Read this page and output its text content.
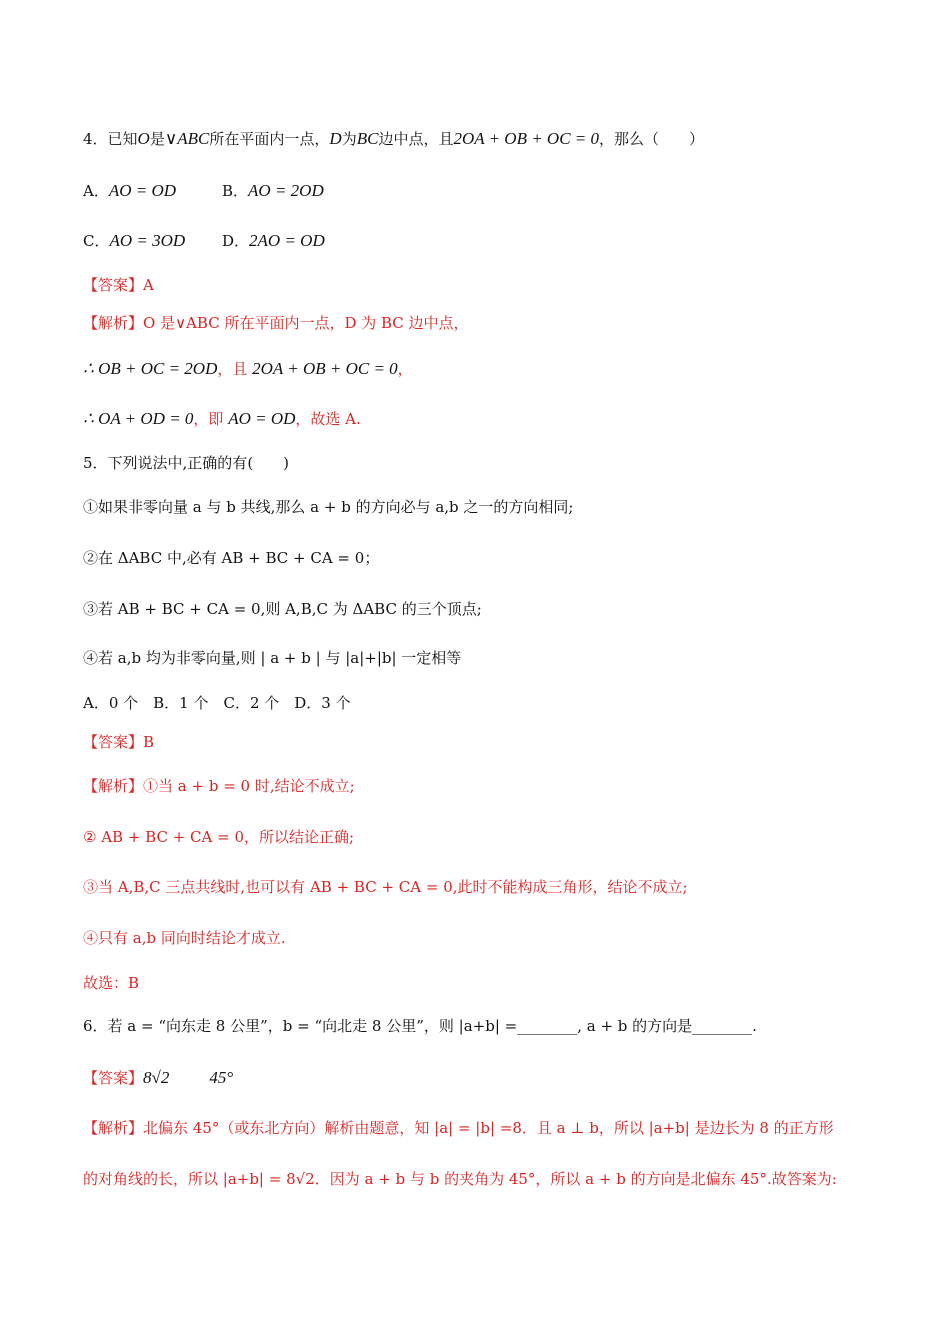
4．已知O是∨ABC所在平面内一点，D为BC边中点，且2OA + OB + OC = 0，那么（　　）
A．AO = OD	B．AO = 2OD
C．AO = 3OD D．2AO = OD
【答案】A
【解析】O 是∨ABC 所在平面内一点，D 为 BC 边中点，
∴ OB + OC = 2OD，且 2OA + OB + OC = 0，
∴ OA + OD = 0，即 AO = OD，故选 A.
5．下列说法中,正确的有(　　)
①如果非零向量 a 与 b 共线,那么 a + b 的方向必与 a,b 之一的方向相同;
②在 ΔABC 中,必有 AB + BC + CA = 0；
③若 AB + BC + CA = 0,则 A,B,C 为 ΔABC 的三个顶点;
④若 a,b 均为非零向量,则 | a + b | 与 |a|+|b| 一定相等
A．0 个　B．1 个　C．2 个　D．3 个
【答案】B
【解析】①当 a + b = 0 时,结论不成立;
② AB + BC + CA = 0，所以结论正确;
③当 A,B,C 三点共线时,也可以有 AB + BC + CA = 0,此时不能构成三角形，结论不成立;
④只有 a,b 同向时结论才成立.
故选：B
6．若 a = “向东走 8 公里”，b = “向北走 8 公里”，则 |a+b| =________, a + b 的方向是________.
【答案】8√2 45°
【解析】北偏东 45°（或东北方向）解析由题意，知 |a| = |b| =8．且 a ⊥ b，所以 |a+b| 是边长为 8 的正方形
的对角线的长，所以 |a+b| = 8√2．因为 a + b 与 b 的夹角为 45°，所以 a + b 的方向是北偏东 45°.故答案为:
